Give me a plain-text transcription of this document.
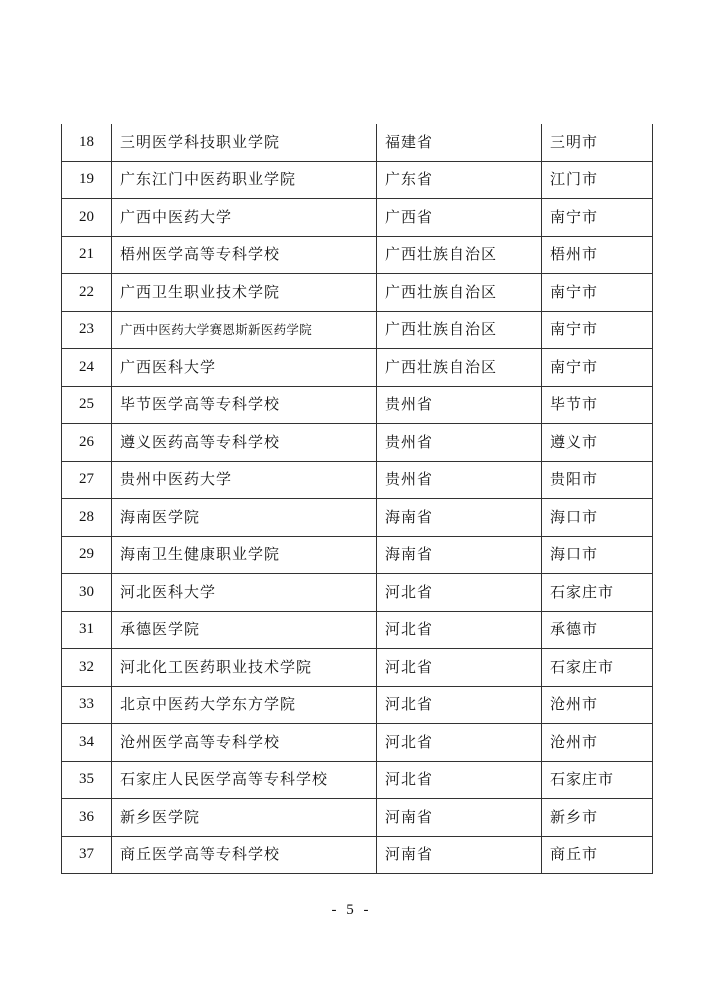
18	三明医学科技职业学院	福建省	三明市
19	广东江门中医药职业学院	广东省	江门市
20	广西中医药大学	广西省	南宁市
21	梧州医学高等专科学校	广西壮族自治区	梧州市
22	广西卫生职业技术学院	广西壮族自治区	南宁市
23	广西中医药大学赛恩斯新医药学院	广西壮族自治区	南宁市
24	广西医科大学	广西壮族自治区	南宁市
25	毕节医学高等专科学校	贵州省	毕节市
26	遵义医药高等专科学校	贵州省	遵义市
27	贵州中医药大学	贵州省	贵阳市
28	海南医学院	海南省	海口市
29	海南卫生健康职业学院	海南省	海口市
30	河北医科大学	河北省	石家庄市
31	承德医学院	河北省	承德市
32	河北化工医药职业技术学院	河北省	石家庄市
33	北京中医药大学东方学院	河北省	沧州市
34	沧州医学高等专科学校	河北省	沧州市
35	石家庄人民医学高等专科学校	河北省	石家庄市
36	新乡医学院	河南省	新乡市
37	商丘医学高等专科学校	河南省	商丘市
- 5 -
